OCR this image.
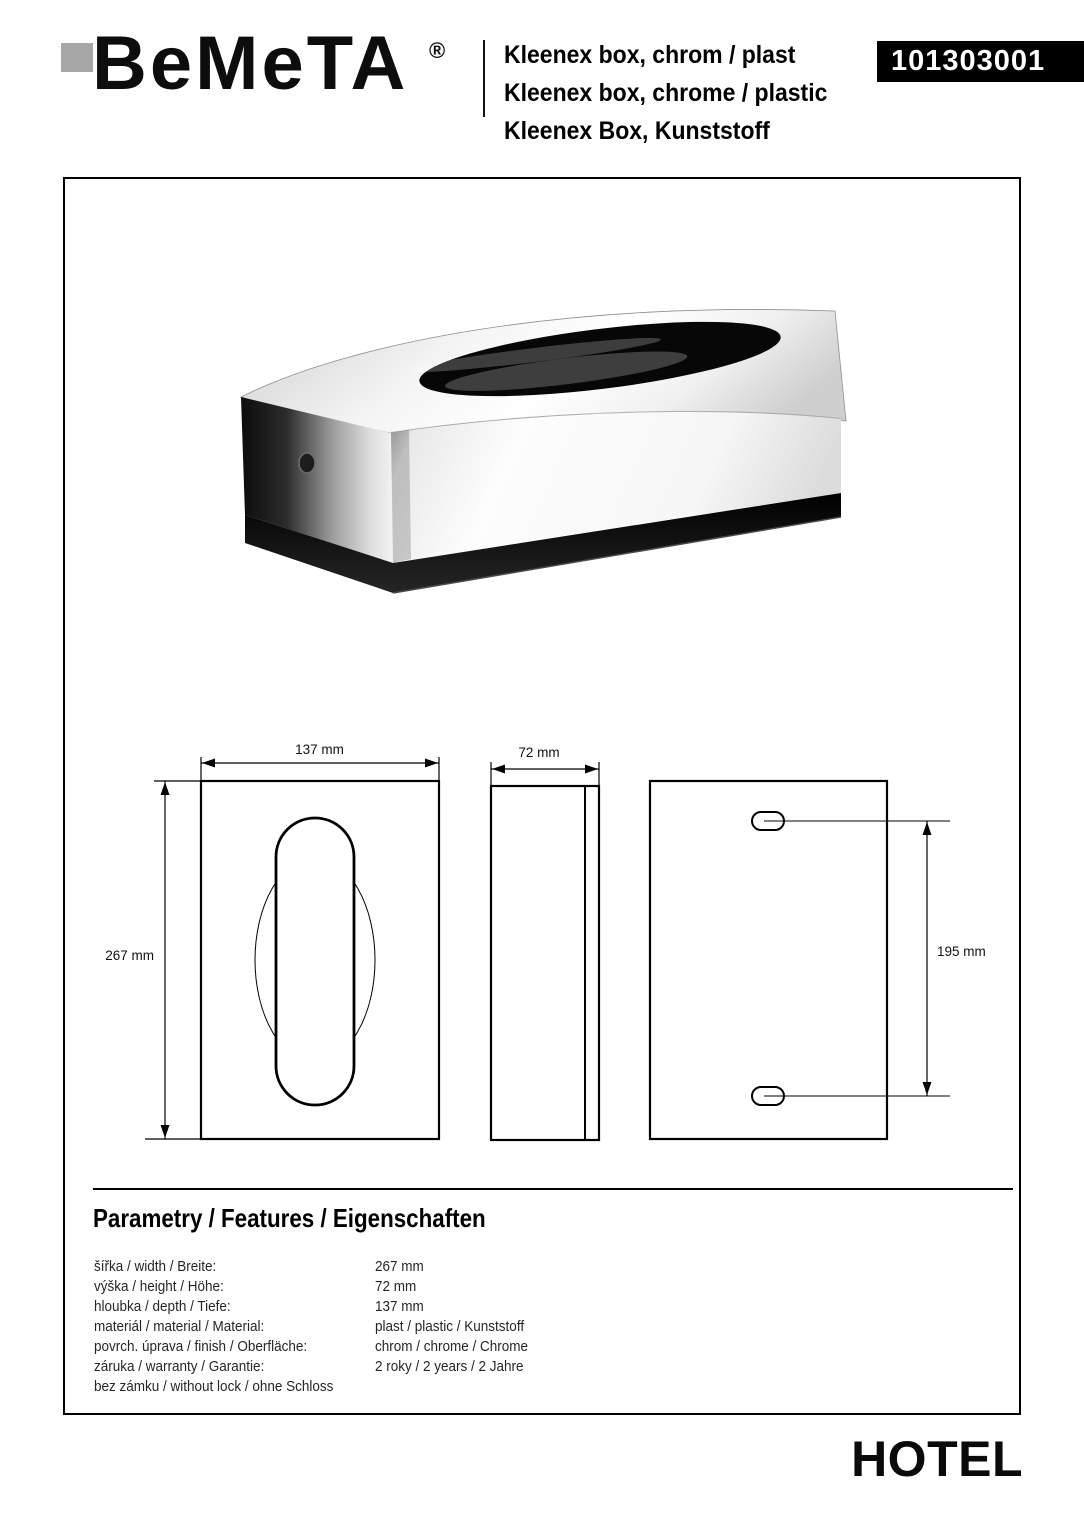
BeMeTA ® Kleenex box, chrom / plast
Kleenex box, chrome / plastic
Kleenex Box, Kunststoff
101303001
137 mm	72 mm
267 mm	195 mm
Parametry / Features / Eigenschaften
šířka / width / Breite:	267 mm
výška / height / Höhe:	72 mm
hloubka / depth / Tiefe:	137 mm
materiál / material / Material:	plast / plastic / Kunststoff
povrch. úprava / finish / Oberfläche:	chrom / chrome / Chrome
záruka / warranty / Garantie:	2 roky / 2 years / 2 Jahre
bez zámku / without lock / ohne Schloss
HOTEL
